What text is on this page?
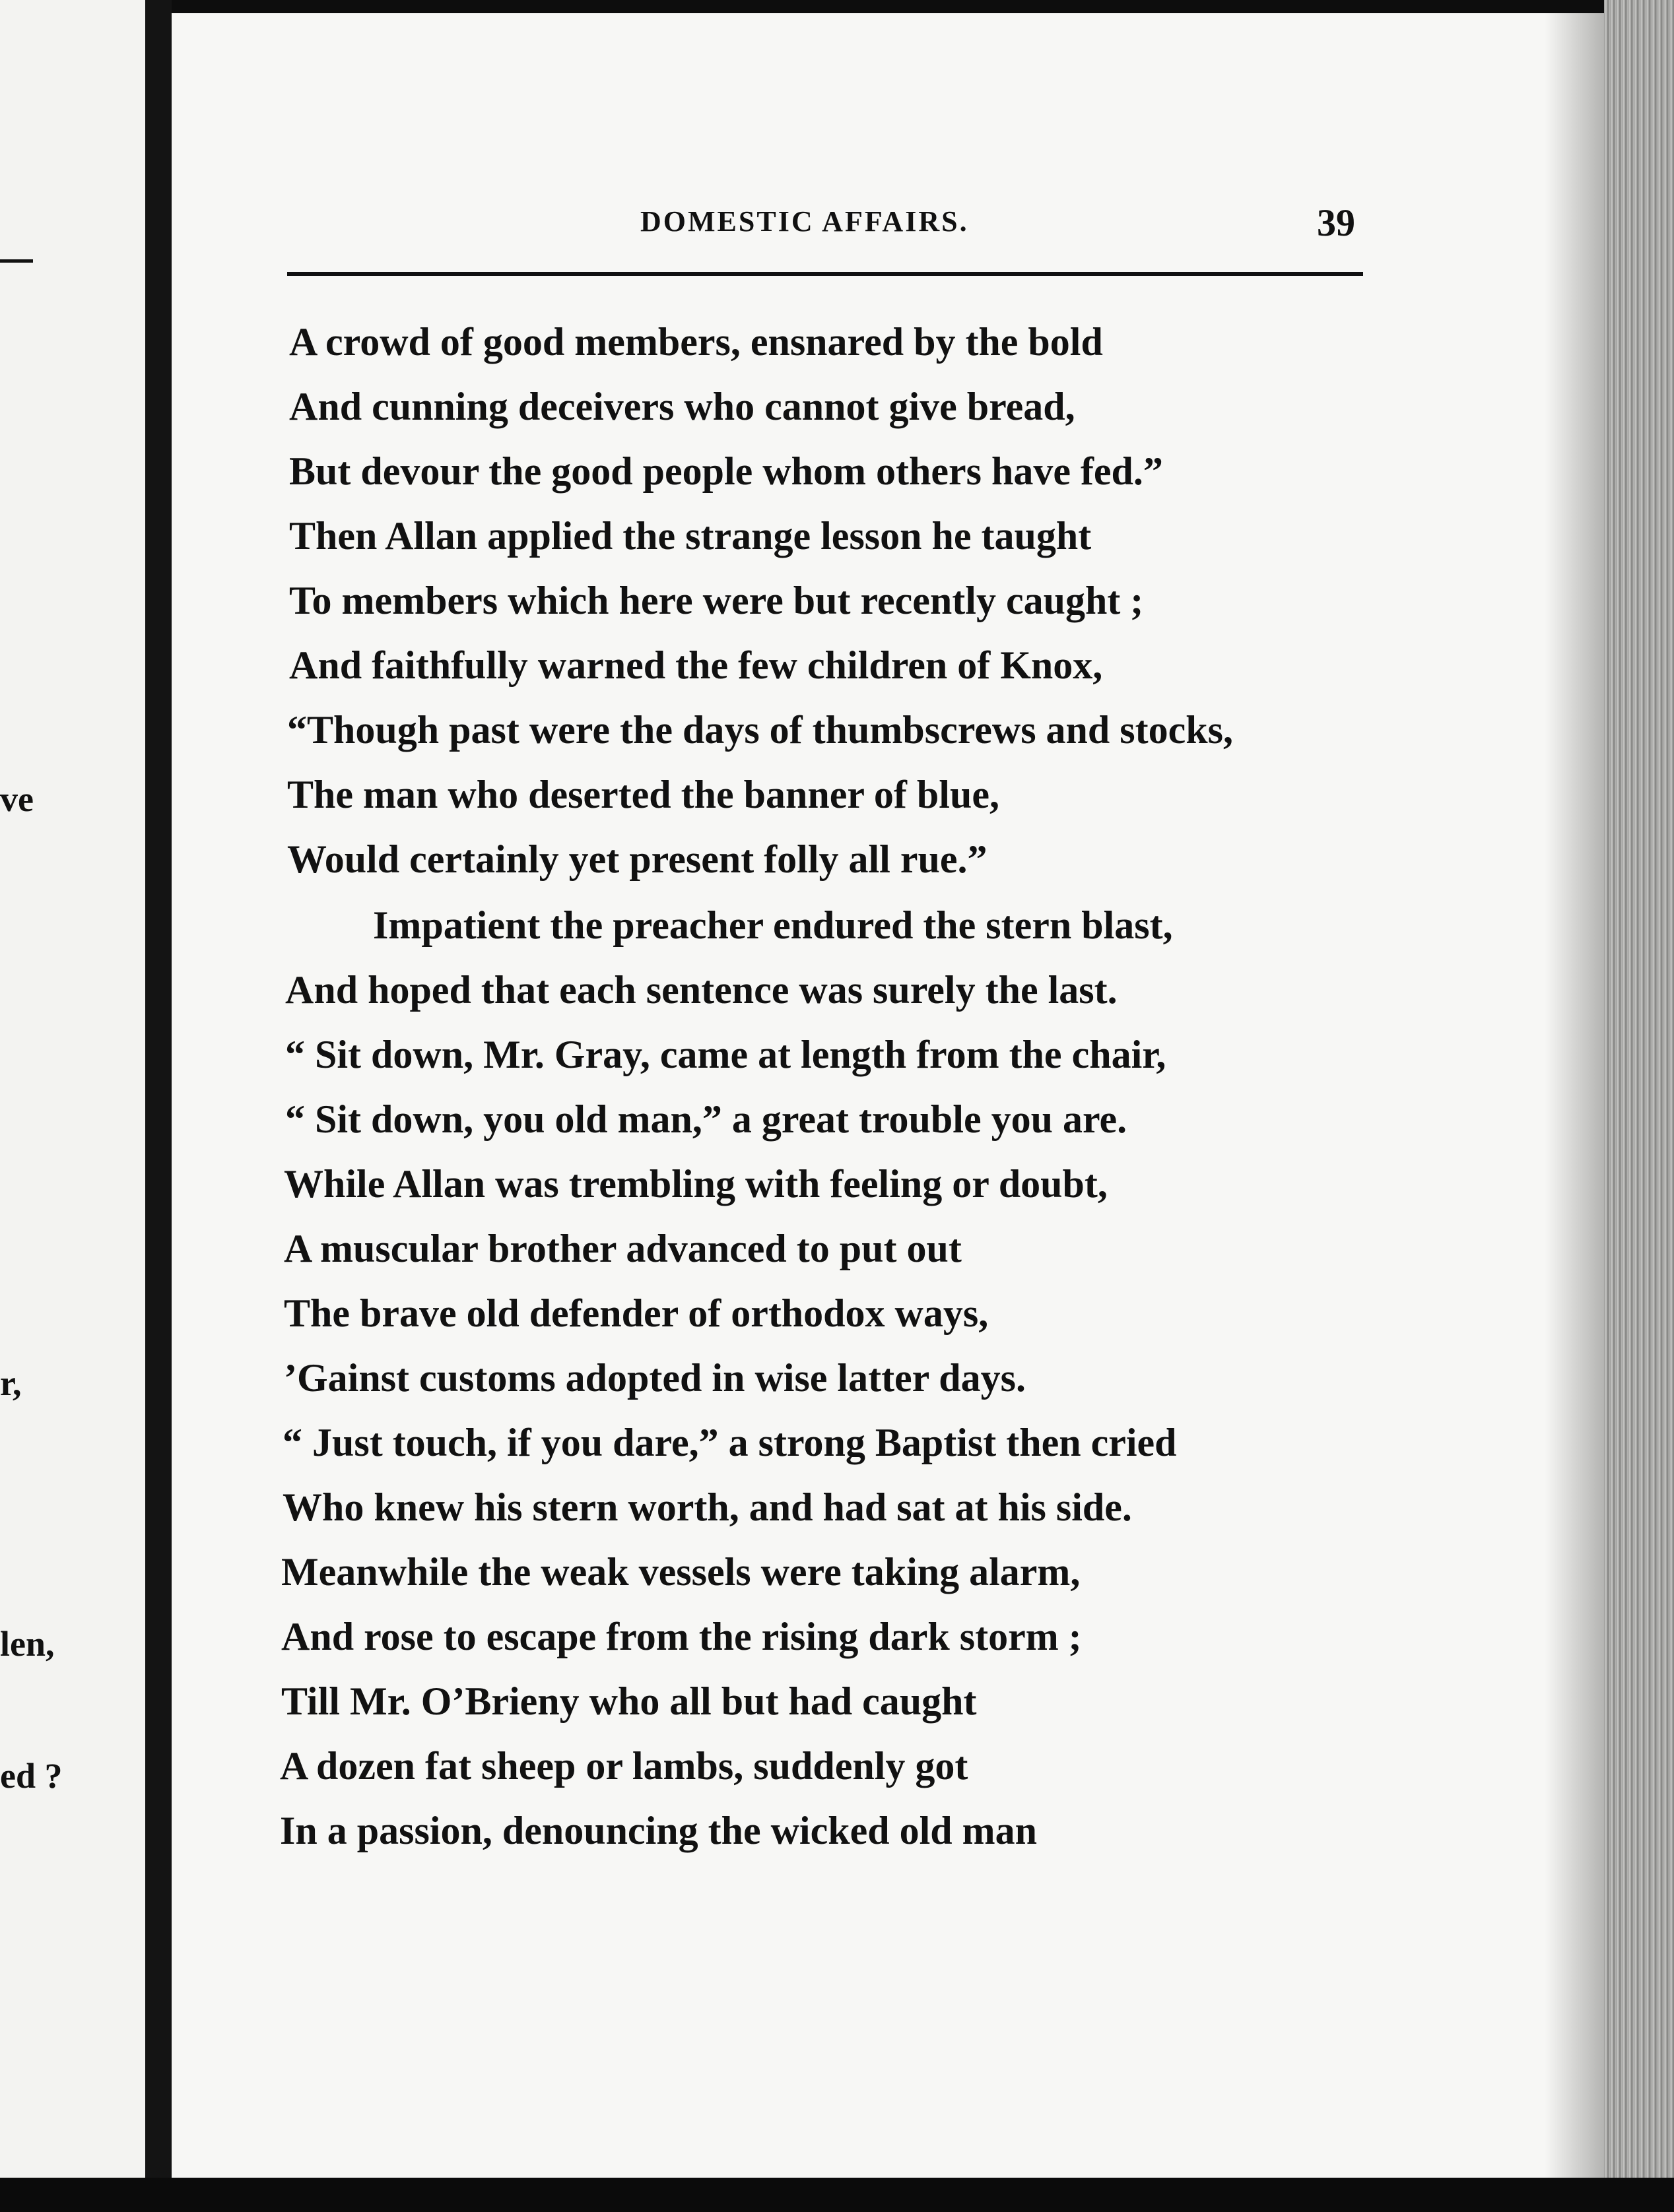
ve
r,
len,
ed ?
DOMESTIC AFFAIRS.	39
A crowd of good members, ensnared by the bold
And cunning deceivers who cannot give bread,
But devour the good people whom others have fed.”
Then Allan applied the strange lesson he taught
To members which here were but recently caught ;
And faithfully warned the few children of Knox,
“Though past were the days of thumbscrews and stocks,
The man who deserted the banner of blue,
Would certainly yet present folly all rue.”
Impatient the preacher endured the stern blast,
And hoped that each sentence was surely the last.
“ Sit down, Mr. Gray, came at length from the chair,
“ Sit down, you old man,” a great trouble you are.
While Allan was trembling with feeling or doubt,
A muscular brother advanced to put out
The brave old defender of orthodox ways,
’Gainst customs adopted in wise latter days.
“ Just touch, if you dare,” a strong Baptist then cried
Who knew his stern worth, and had sat at his side.
Meanwhile the weak vessels were taking alarm,
And rose to escape from the rising dark storm ;
Till Mr. O’Brieny who all but had caught
A dozen fat sheep or lambs, suddenly got
In a passion, denouncing the wicked old man
